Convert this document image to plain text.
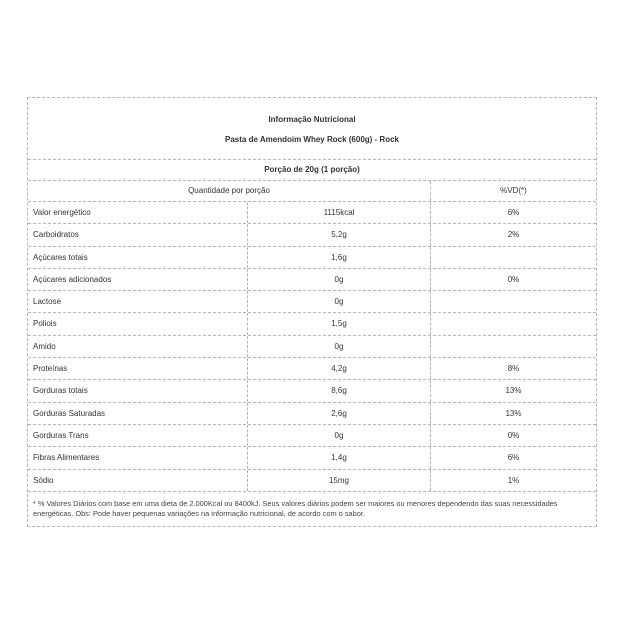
Informação Nutricional
Pasta de Amendoim Whey Rock (600g) - Rock
Porção de 20g (1 porção)
Quantidade por porção	%VD(*)
Valor energético	1115kcal	6%
Carboidratos	5,2g	2%
Açúcares totais	1,6g
Açúcares adicionados	0g	0%
Lactose	0g
Poliois	1,5g
Amido	0g
Proteínas	4,2g	8%
Gorduras totais	8,6g	13%
Gorduras Saturadas	2,6g	13%
Gorduras Trans	0g	0%
Fibras Alimentares	1,4g	6%
Sódio	15mg	1%
* % Valores Diários com base em uma dieta de 2.000Kcal ou 8400kJ. Seus valores diários podem ser maiores ou menores dependendo das suas necessidades energéticas. Obs: Pode haver pequenas variações na informação nutricional, de acordo com o sabor.
